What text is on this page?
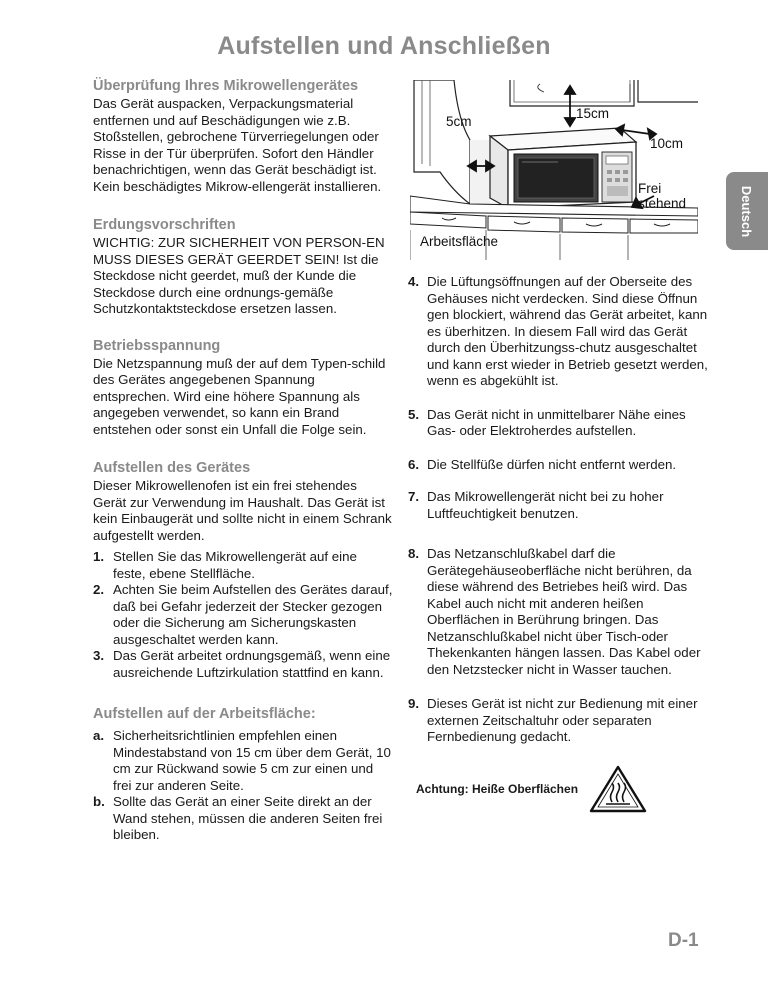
Aufstellen und Anschließen
Deutsch
Überprüfung Ihres Mikrowellengerätes

Das Gerät auspacken, Verpackungsmaterial entfernen und auf Beschädigungen wie z.B. Stoßstellen, gebrochene Türverriegelungen oder Risse in der Tür überprüfen. Sofort den Händler benachrichtigen, wenn das Gerät beschädigt ist. Kein beschädigtes Mikrow-ellengerät installieren.

Erdungsvorschriften

WICHTIG: ZUR SICHERHEIT VON PERSON-EN MUSS DIESES GERÄT GEERDET SEIN! Ist die Steckdose nicht geerdet, muß der Kunde die Steckdose durch eine ordnungs-gemäße Schutzkontaktsteckdose ersetzen lassen.

Betriebsspannung

Die Netzspannung muß der auf dem Typen-schild des Gerätes angegebenen Spannung entsprechen. Wird eine höhere Spannung als angegeben verwendet, so kann ein Brand entstehen oder sonst ein Unfall die Folge sein.

Aufstellen des Gerätes

Dieser Mikrowellenofen ist ein frei stehendes Gerät zur Verwendung im Haushalt. Das Gerät ist kein Einbaugerät und sollte nicht in einem Schrank aufgestellt werden.

1. Stellen Sie das Mikrowellengerät auf eine feste, ebene Stellfläche.
2. Achten Sie beim Aufstellen des Gerätes darauf, daß bei Gefahr jederzeit der Stecker gezogen oder die Sicherung am Sicherungskasten ausgeschaltet werden kann.
3. Das Gerät arbeitet ordnungsgemäß, wenn eine ausreichende Luftzirkulation stattfind en kann.
Aufstellen auf der Arbeitsfläche:
a. Sicherheitsrichtlinien empfehlen einen Mindestabstand von 15 cm über dem Gerät, 10 cm zur Rückwand sowie 5 cm zur einen und frei zur anderen Seite.
b. Sollte das Gerät an einer Seite direkt an der Wand stehen, müssen die anderen Seiten frei bleiben.
5cm
15cm
10cm
Frei
stehend
Arbeitsfläche
4. Die Lüftungsöffnungen auf der Oberseite des Gehäuses nicht verdecken. Sind diese Öffnun gen blockiert, während das Gerät arbeitet, kann es überhitzen. In diesem Fall wird das Gerät durch den Überhitzungss-chutz ausgeschaltet und kann erst wieder in Betrieb gesetzt werden, wenn es abgekühlt ist.
5. Das Gerät nicht in unmittelbarer Nähe eines Gas- oder Elektroherdes aufstellen.
6. Die Stellfüße dürfen nicht entfernt werden.
7. Das Mikrowellengerät nicht bei zu hoher Luftfeuchtigkeit benutzen.
8. Das Netzanschlußkabel darf die Gerätegehäuseoberfläche nicht berühren, da diese während des Betriebes heiß wird. Das Kabel auch nicht mit anderen heißen Oberflächen in Berührung bringen. Das Netzanschlußkabel nicht über Tisch-oder Thekenkanten hängen lassen. Das Kabel oder den Netzstecker nicht in Wasser tauchen.
9. Dieses Gerät ist nicht zur Bedienung mit einer externen Zeitschaltuhr oder separaten Fernbedienung gedacht.
Achtung: Heiße Oberflächen
D-1
